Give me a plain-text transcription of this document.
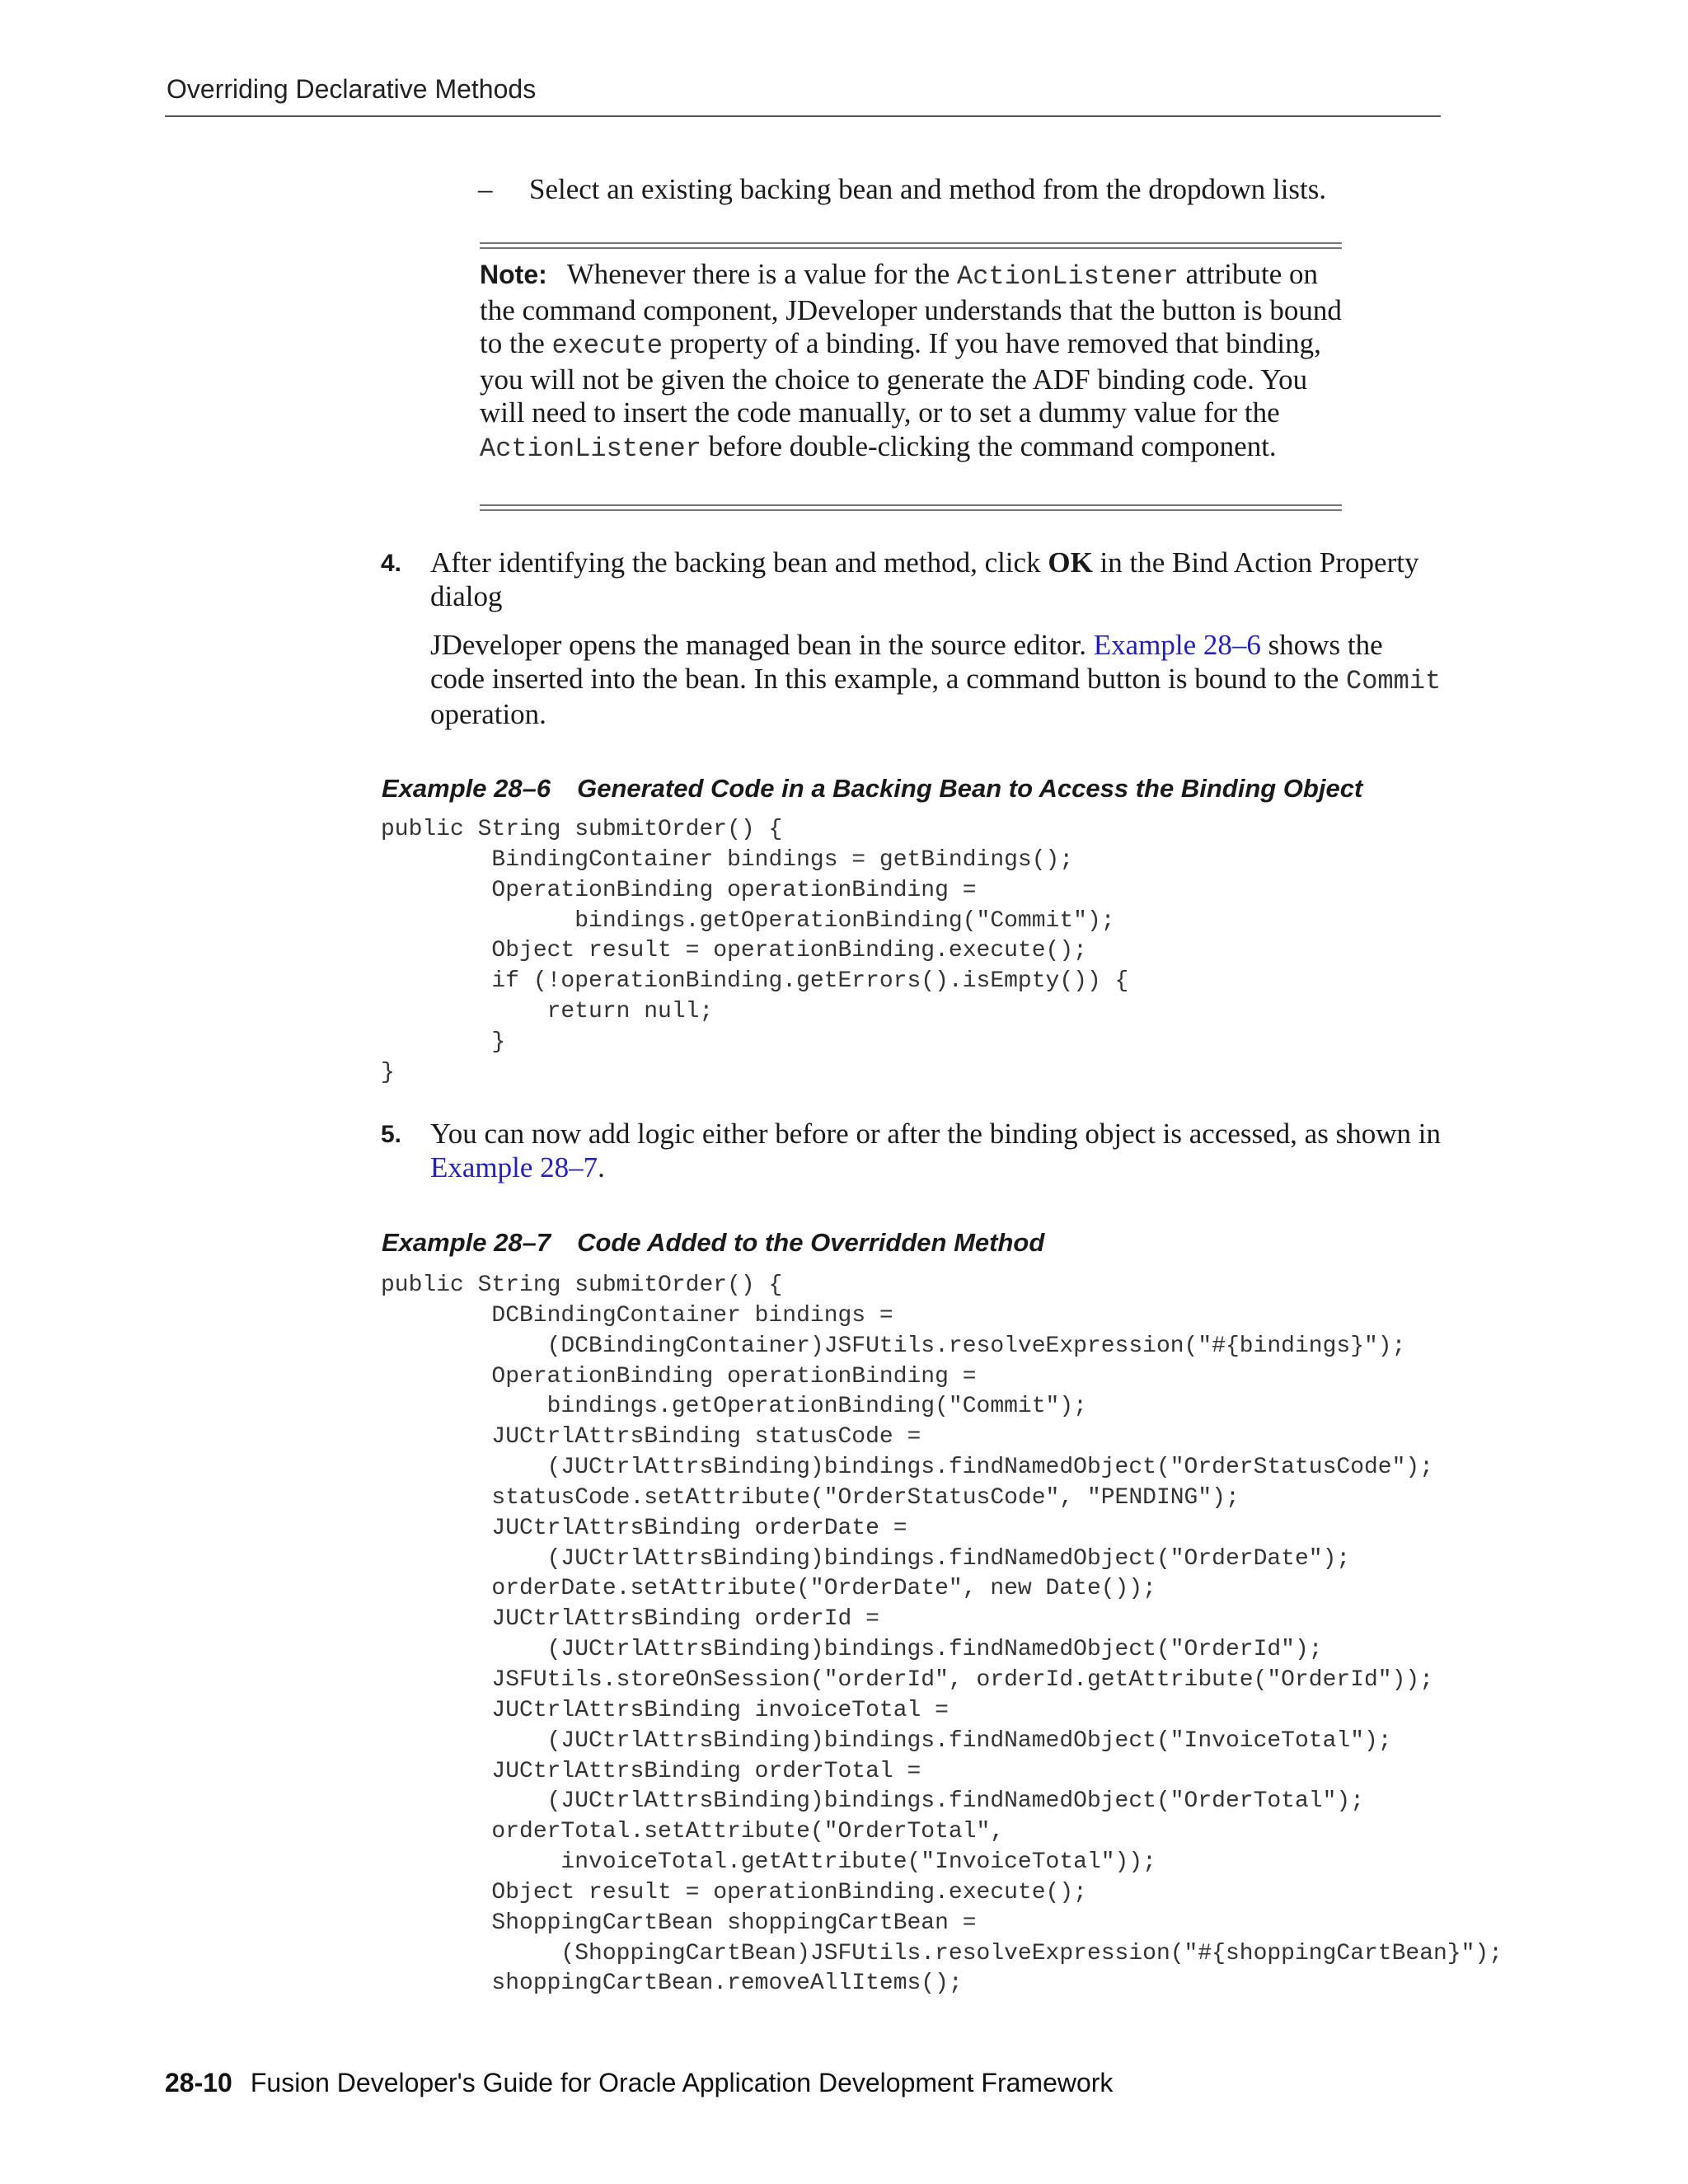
Overriding Declarative Methods
– Select an existing backing bean and method from the dropdown lists.
Note: Whenever there is a value for the ActionListener attribute on the command component, JDeveloper understands that the button is bound to the execute property of a binding. If you have removed that binding, you will not be given the choice to generate the ADF binding code. You will need to insert the code manually, or to set a dummy value for the ActionListener before double-clicking the command component.
4. After identifying the backing bean and method, click OK in the Bind Action Property dialog
JDeveloper opens the managed bean in the source editor. Example 28–6 shows the code inserted into the bean. In this example, a command button is bound to the Commit operation.
Example 28–6 Generated Code in a Backing Bean to Access the Binding Object
public String submitOrder() {
BindingContainer bindings = getBindings();
OperationBinding operationBinding =
bindings.getOperationBinding("Commit");
Object result = operationBinding.execute();
if (!operationBinding.getErrors().isEmpty()) {
return null;
}
}
5. You can now add logic either before or after the binding object is accessed, as shown in Example 28–7.
Example 28–7 Code Added to the Overridden Method
public String submitOrder() {
DCBindingContainer bindings =
(DCBindingContainer)JSFUtils.resolveExpression("#{bindings}");
OperationBinding operationBinding =
bindings.getOperationBinding("Commit");
JUCtrlAttrsBinding statusCode =
(JUCtrlAttrsBinding)bindings.findNamedObject("OrderStatusCode");
statusCode.setAttribute("OrderStatusCode", "PENDING");
JUCtrlAttrsBinding orderDate =
(JUCtrlAttrsBinding)bindings.findNamedObject("OrderDate");
orderDate.setAttribute("OrderDate", new Date());
JUCtrlAttrsBinding orderId =
(JUCtrlAttrsBinding)bindings.findNamedObject("OrderId");
JSFUtils.storeOnSession("orderId", orderId.getAttribute("OrderId"));
JUCtrlAttrsBinding invoiceTotal =
(JUCtrlAttrsBinding)bindings.findNamedObject("InvoiceTotal");
JUCtrlAttrsBinding orderTotal =
(JUCtrlAttrsBinding)bindings.findNamedObject("OrderTotal");
orderTotal.setAttribute("OrderTotal",
invoiceTotal.getAttribute("InvoiceTotal"));
Object result = operationBinding.execute();
ShoppingCartBean shoppingCartBean =
(ShoppingCartBean)JSFUtils.resolveExpression("#{shoppingCartBean}");
shoppingCartBean.removeAllItems();
28-10 Fusion Developer's Guide for Oracle Application Development Framework
